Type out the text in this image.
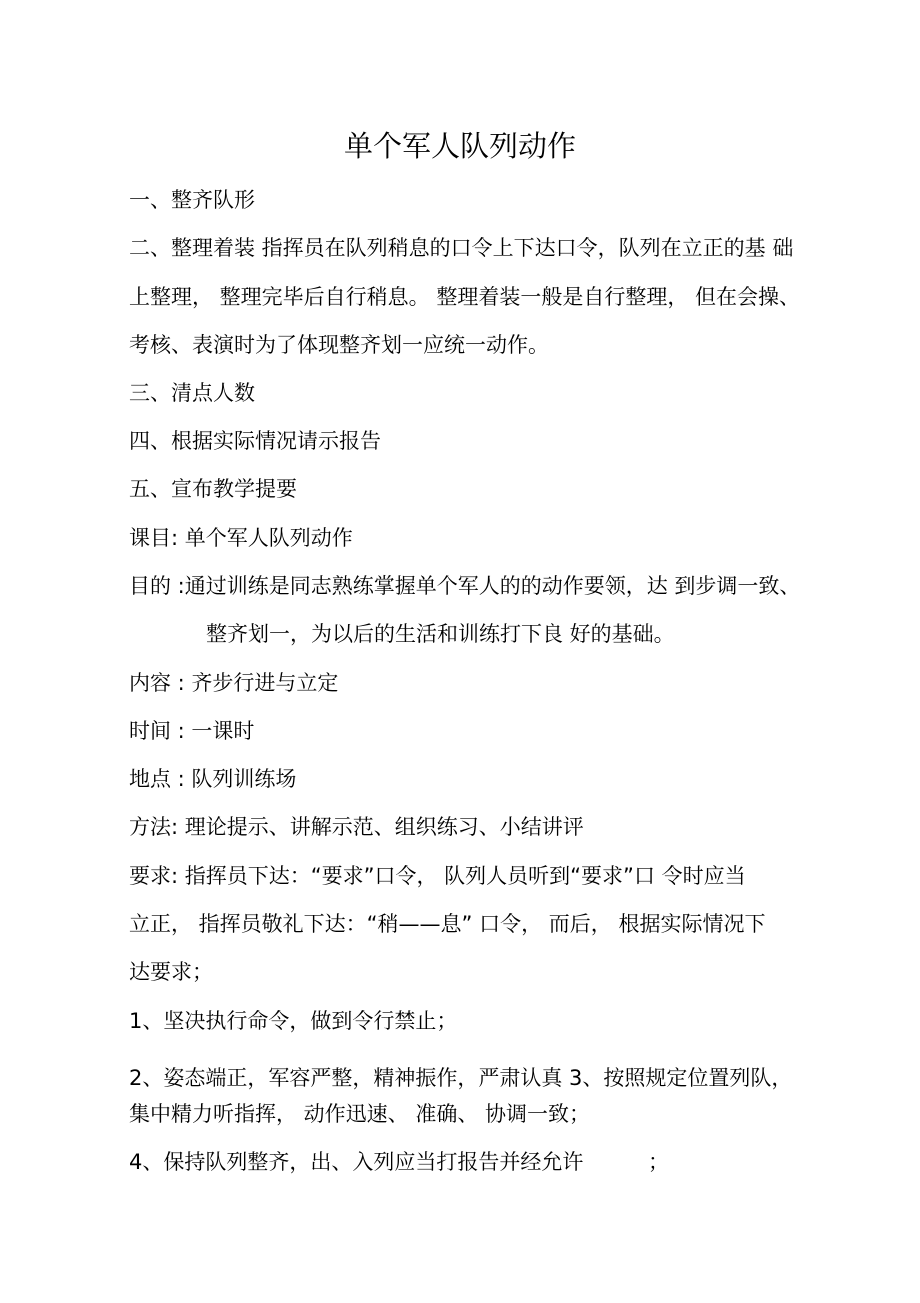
单个军人队列动作
一、整齐队形
二、整理着装 指挥员在队列稍息的口令上下达口令，队列在立正的基 础
上整理， 整理完毕后自行稍息。 整理着装一般是自行整理， 但在会操、
考核、表演时为了体现整齐划一应统一动作。
三、清点人数
四、根据实际情况请示报告
五、宣布教学提要
课目: 单个军人队列动作
目的 :通过训练是同志熟练掌握单个军人的的动作要领，达 到步调一致、
整齐划一，为以后的生活和训练打下良 好的基础。
内容 : 齐步行进与立定
时间 : 一课时
地点 : 队列训练场
方法: 理论提示、讲解示范、组织练习、小结讲评
要求: 指挥员下达：“要求”口令， 队列人员听到“要求”口 令时应当
立正， 指挥员敬礼下达：“稍——息” 口令， 而后， 根据实际情况下
达要求；
1、坚决执行命令，做到令行禁止；
2、姿态端正，军容严整，精神振作，严肃认真 3、按照规定位置列队，
集中精力听指挥， 动作迅速、 准确、 协调一致；
4、保持队列整齐，出、入列应当打报告并经允许	；
